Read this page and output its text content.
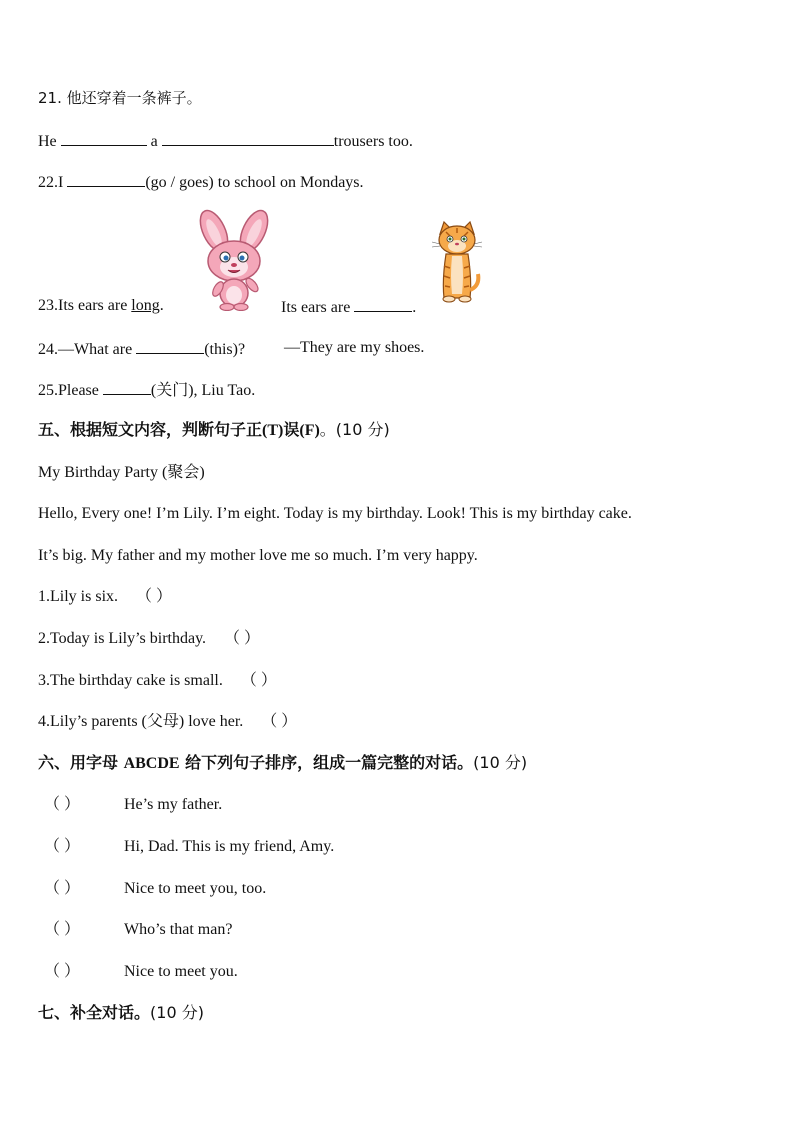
21. 他还穿着一条裤子。
He	a	trousers too.
22.I	(go / goes) to school on Mondays.
23.Its ears are long.	Its ears are	.
24.—What are	(this)? —They are my shoes.
25.Please	(关门), Liu Tao.
五、根据短文内容，判断句子正(T)误(F)。(10 分)
My Birthday Party (聚会)
Hello, Every one! I’m Lily. I’m eight. Today is my birthday. Look! This is my birthday cake.
It’s big. My father and my mother love me so much. I’m very happy.
1.Lily is six. （ ）
2.Today is Lily’s birthday. （ ）
3.The birthday cake is small. （ ）
4.Lily’s parents (父母) love her. （ ）
六、用字母 ABCDE 给下列句子排序，组成一篇完整的对话。(10 分)
（ ）	He’s my father.
（ ）	Hi, Dad. This is my friend, Amy.
（ ）	Nice to meet you, too.
（ ）	Who’s that man?
（ ）	Nice to meet you.
七、补全对话。(10 分)
